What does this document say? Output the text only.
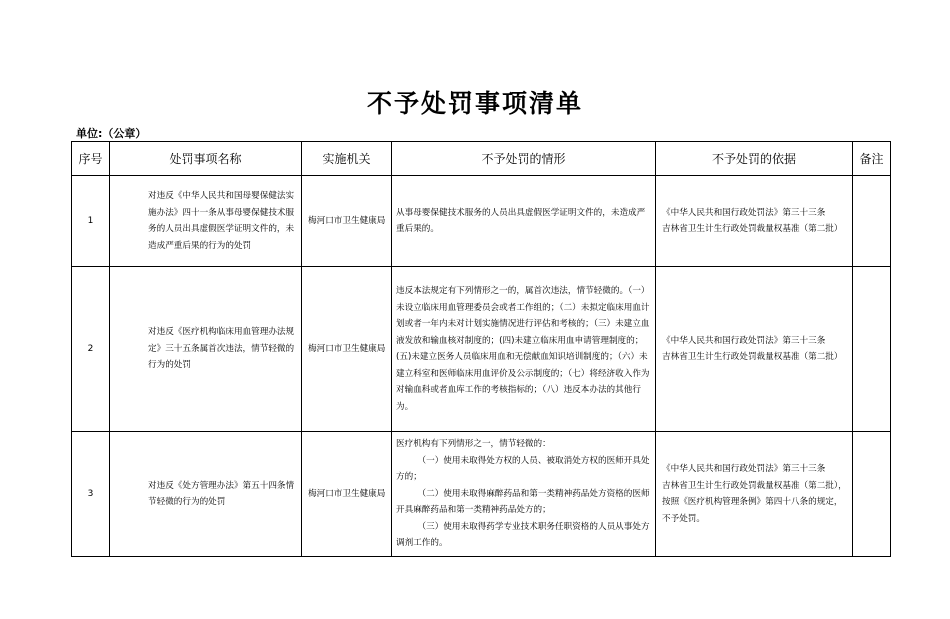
不予处罚事项清单
单位:（公章）
序号	处罚事项名称	实施机关	不予处罚的情形	不予处罚的依据	备注
1	对违反《中华人民共和国母婴保健法实施办法》四十一条从事母婴保健技术服务的人员出具虚假医学证明文件的，未造成严重后果的行为的处罚	梅河口市卫生健康局	从事母婴保健技术服务的人员出具虚假医学证明文件的，未造成严重后果的。	《中华人民共和国行政处罚法》第三十三条
吉林省卫生计生行政处罚裁量权基准（第二批）	

2	对违反《医疗机构临床用血管理办法规定》三十五条属首次违法，情节轻微的行为的处罚	梅河口市卫生健康局	违反本法规定有下列情形之一的，属首次违法，情节轻微的。（一）未设立临床用血管理委员会或者工作组的；（二）未拟定临床用血计划或者一年内未对计划实施情况进行评估和考核的；（三）未建立血液发放和输血核对制度的；(四)未建立临床用血申请管理制度的；(五)未建立医务人员临床用血和无偿献血知识培训制度的；（六）未建立科室和医师临床用血评价及公示制度的；（七）将经济收入作为对输血科或者血库工作的考核指标的；（八）违反本办法的其他行为。	《中华人民共和国行政处罚法》第三十三条
吉林省卫生计生行政处罚裁量权基准（第二批）	

3	对违反《处方管理办法》第五十四条情节轻微的行为的处罚	梅河口市卫生健康局	医疗机构有下列情形之一，情节轻微的：
（一）使用未取得处方权的人员、被取消处方权的医师开具处方的；
（二）使用未取得麻醉药品和第一类精神药品处方资格的医师开具麻醉药品和第一类精神药品处方的；
（三）使用未取得药学专业技术职务任职资格的人员从事处方调剂工作的。	《中华人民共和国行政处罚法》第三十三条
吉林省卫生计生行政处罚裁量权基准（第二批），按照《医疗机构管理条例》第四十八条的规定，不予处罚。	
